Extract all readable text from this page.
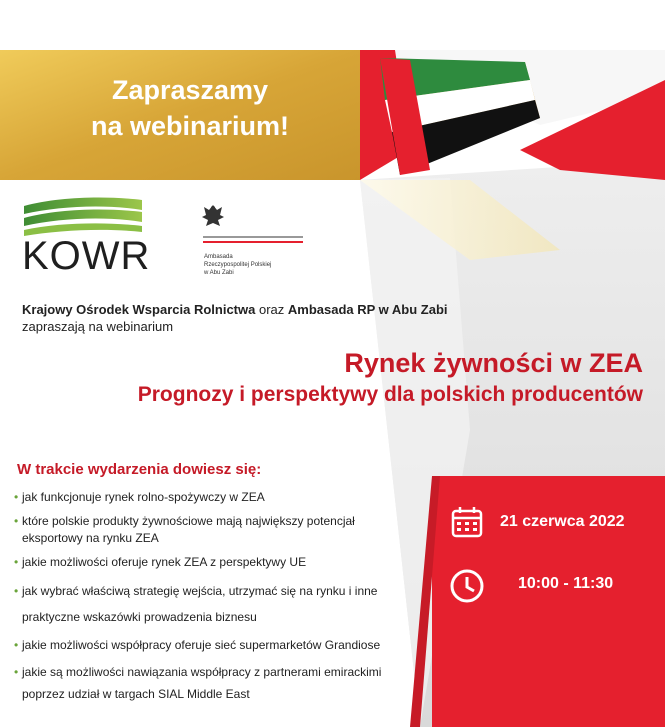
Zapraszamy
na webinarium!
KOWR	Ambasada
Rzeczypospolitej Polskiej
w Abu Zabi
Krajowy Ośrodek Wsparcia Rolnictwa oraz Ambasada RP w Abu Zabi
zapraszają na webinarium
Rynek żywności w ZEA
Prognozy i perspektywy dla polskich producentów
W trakcie wydarzenia dowiesz się:
• jak funkcjonuje rynek rolno-spożywczy w ZEA
• które polskie produkty żywnościowe mają największy potencjał eksportowy na rynku ZEA
• jakie możliwości oferuje rynek ZEA z perspektywy UE
• jak wybrać właściwą strategię wejścia, utrzymać się na rynku i inne praktyczne wskazówki prowadzenia biznesu
• jakie możliwości współpracy oferuje sieć supermarketów Grandiose
• jakie są możliwości nawiązania współpracy z partnerami emirackimi poprzez udział w targach SIAL Middle East
21 czerwca 2022
10:00 - 11:30
